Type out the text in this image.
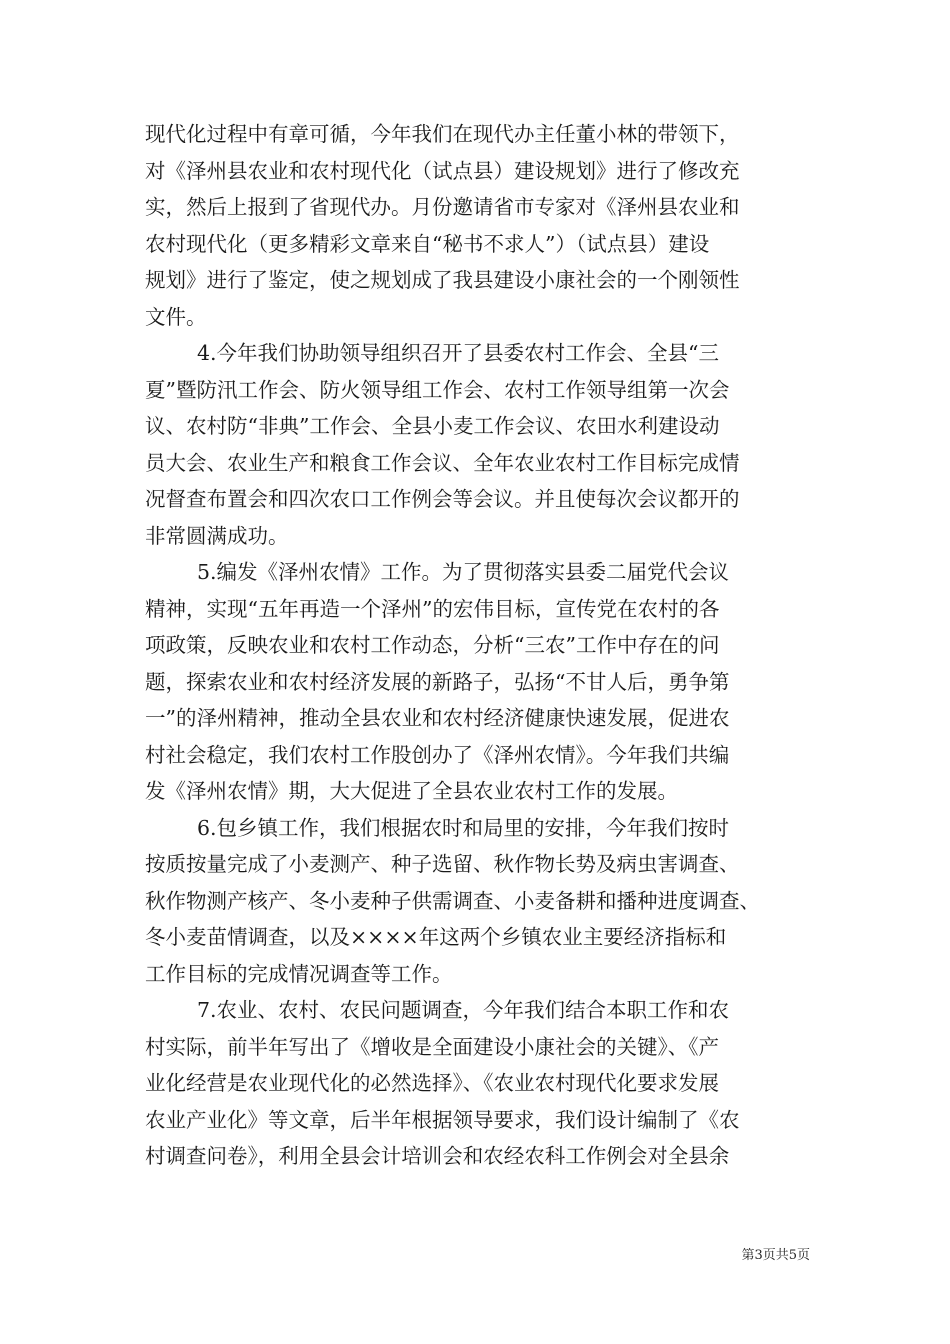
现代化过程中有章可循，今年我们在现代办主任董小林的带领下，
对《泽州县农业和农村现代化（试点县）建设规划》进行了修改充
实，然后上报到了省现代办。月份邀请省市专家对《泽州县农业和
农村现代化（更多精彩文章来自“秘书不求人”）（试点县）建设
规划》进行了鉴定，使之规划成了我县建设小康社会的一个刚领性
文件。
4.今年我们协助领导组织召开了县委农村工作会、全县“三
夏”暨防汛工作会、防火领导组工作会、农村工作领导组第一次会
议、农村防“非典”工作会、全县小麦工作会议、农田水利建设动
员大会、农业生产和粮食工作会议、全年农业农村工作目标完成情
况督查布置会和四次农口工作例会等会议。并且使每次会议都开的
非常圆满成功。
5.编发《泽州农情》工作。为了贯彻落实县委二届党代会议
精神，实现“五年再造一个泽州”的宏伟目标，宣传党在农村的各
项政策，反映农业和农村工作动态，分析“三农”工作中存在的问
题，探索农业和农村经济发展的新路子，弘扬“不甘人后，勇争第
一”的泽州精神，推动全县农业和农村经济健康快速发展，促进农
村社会稳定，我们农村工作股创办了《泽州农情》。今年我们共编
发《泽州农情》期，大大促进了全县农业农村工作的发展。
6.包乡镇工作，我们根据农时和局里的安排，今年我们按时
按质按量完成了小麦测产、种子选留、秋作物长势及病虫害调查、
秋作物测产核产、冬小麦种子供需调查、小麦备耕和播种进度调查、
冬小麦苗情调查，以及××××年这两个乡镇农业主要经济指标和
工作目标的完成情况调查等工作。
7.农业、农村、农民问题调查，今年我们结合本职工作和农
村实际，前半年写出了《增收是全面建设小康社会的关键》、《产
业化经营是农业现代化的必然选择》、《农业农村现代化要求发展
农业产业化》等文章，后半年根据领导要求，我们设计编制了《农
村调查问卷》，利用全县会计培训会和农经农科工作例会对全县余
第3页共5页
